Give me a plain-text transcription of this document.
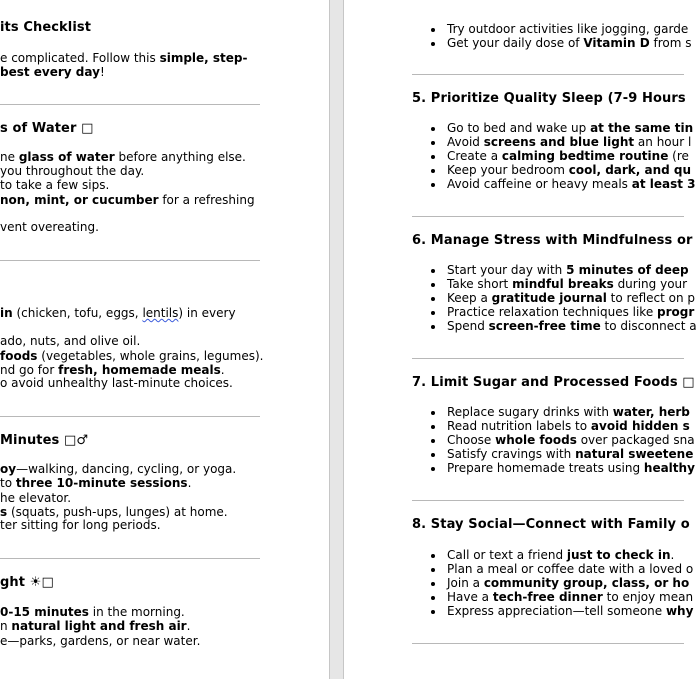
its Checklist
e complicated. Follow this simple, step-
best every day!
s of Water □
ne glass of water before anything else.
you throughout the day.
to take a few sips.
non, mint, or cucumber for a refreshing
vent overeating.
in (chicken, tofu, eggs, lentils) in every
ado, nuts, and olive oil.
foods (vegetables, whole grains, legumes).
nd go for fresh, homemade meals.
o avoid unhealthy last-minute choices.
Minutes □♂
oy—walking, dancing, cycling, or yoga.
to three 10-minute sessions.
he elevator.
s (squats, push-ups, lunges) at home.
ter sitting for long periods.
ght ☀□
0-15 minutes in the morning.
n natural light and fresh air.
e—parks, gardens, or near water.
Try outdoor activities like jogging, garde
Get your daily dose of Vitamin D from s
5. Prioritize Quality Sleep (7-9 Hours
Go to bed and wake up at the same tin
Avoid screens and blue light an hour l
Create a calming bedtime routine (re
Keep your bedroom cool, dark, and qu
Avoid caffeine or heavy meals at least 3
6. Manage Stress with Mindfulness or
Start your day with 5 minutes of deep
Take short mindful breaks during your
Keep a gratitude journal to reflect on p
Practice relaxation techniques like progr
Spend screen-free time to disconnect a
7. Limit Sugar and Processed Foods □
Replace sugary drinks with water, herb
Read nutrition labels to avoid hidden s
Choose whole foods over packaged sna
Satisfy cravings with natural sweetene
Prepare homemade treats using healthy
8. Stay Social—Connect with Family o
Call or text a friend just to check in.
Plan a meal or coffee date with a loved o
Join a community group, class, or ho
Have a tech-free dinner to enjoy mean
Express appreciation—tell someone why
